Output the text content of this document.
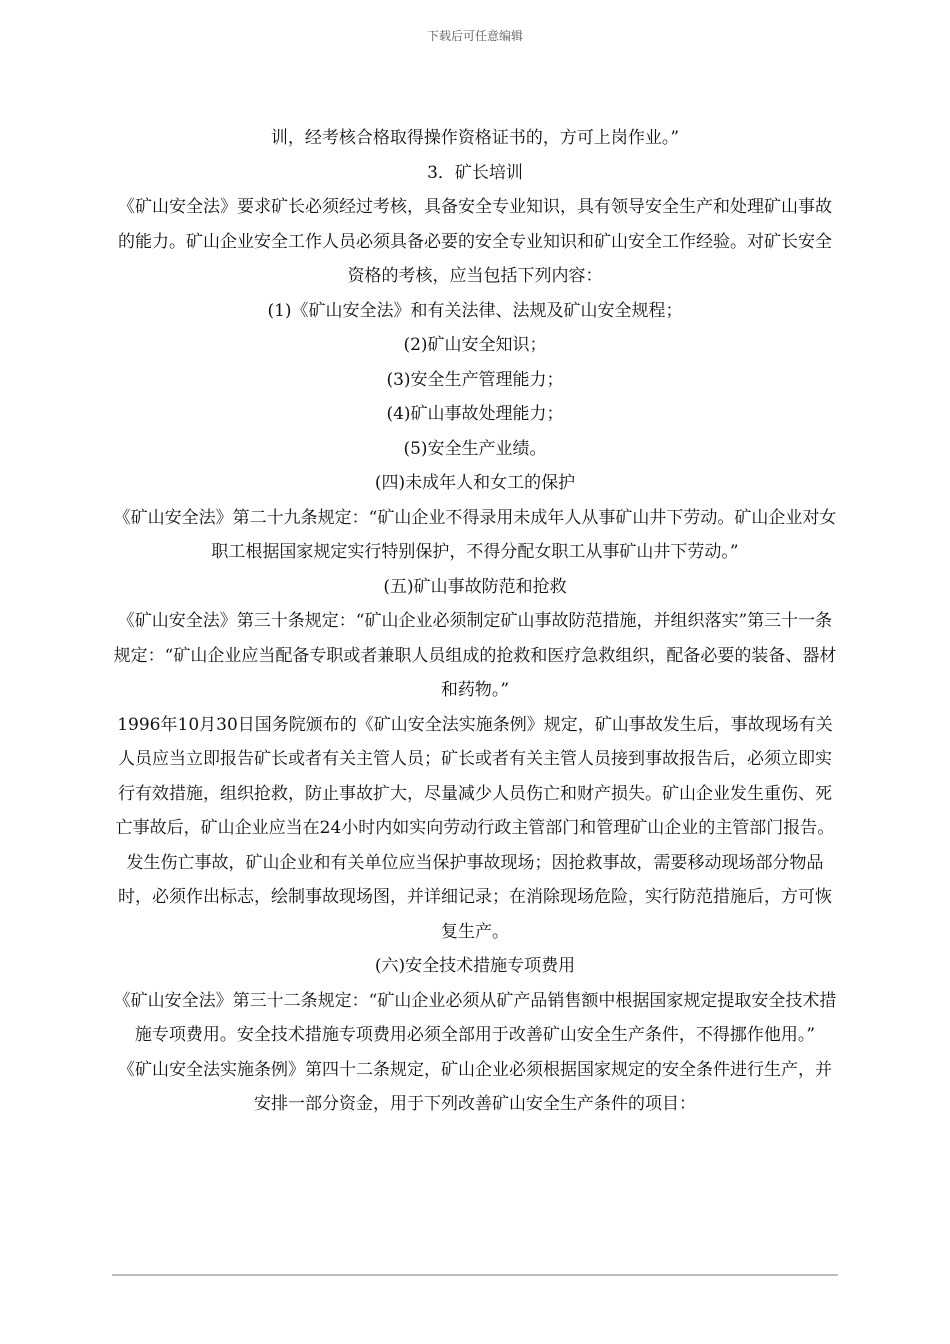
下载后可任意编辑

训，经考核合格取得操作资格证书的，方可上岗作业。”

3．矿长培训

《矿山安全法》要求矿长必须经过考核，具备安全专业知识，具有领导安全生产和处理矿山事故的能力。矿山企业安全工作人员必须具备必要的安全专业知识和矿山安全工作经验。对矿长安全资格的考核，应当包括下列内容：

(1)《矿山安全法》和有关法律、法规及矿山安全规程；

(2)矿山安全知识；

(3)安全生产管理能力；

(4)矿山事故处理能力；

(5)安全生产业绩。

(四)未成年人和女工的保护

《矿山安全法》第二十九条规定：“矿山企业不得录用未成年人从事矿山井下劳动。矿山企业对女职工根据国家规定实行特别保护，不得分配女职工从事矿山井下劳动。”

(五)矿山事故防范和抢救

《矿山安全法》第三十条规定：“矿山企业必须制定矿山事故防范措施，并组织落实”第三十一条规定：“矿山企业应当配备专职或者兼职人员组成的抢救和医疗急救组织，配备必要的装备、器材和药物。”

1996年10月30日国务院颁布的《矿山安全法实施条例》规定，矿山事故发生后，事故现场有关人员应当立即报告矿长或者有关主管人员；矿长或者有关主管人员接到事故报告后，必须立即实行有效措施，组织抢救，防止事故扩大，尽量减少人员伤亡和财产损失。矿山企业发生重伤、死亡事故后，矿山企业应当在24小时内如实向劳动行政主管部门和管理矿山企业的主管部门报告。发生伤亡事故，矿山企业和有关单位应当保护事故现场；因抢救事故，需要移动现场部分物品时，必须作出标志，绘制事故现场图，并详细记录；在消除现场危险，实行防范措施后，方可恢复生产。

(六)安全技术措施专项费用

《矿山安全法》第三十二条规定：“矿山企业必须从矿产品销售额中根据国家规定提取安全技术措施专项费用。安全技术措施专项费用必须全部用于改善矿山安全生产条件，不得挪作他用。”

《矿山安全法实施条例》第四十二条规定，矿山企业必须根据国家规定的安全条件进行生产，并安排一部分资金，用于下列改善矿山安全生产条件的项目：
